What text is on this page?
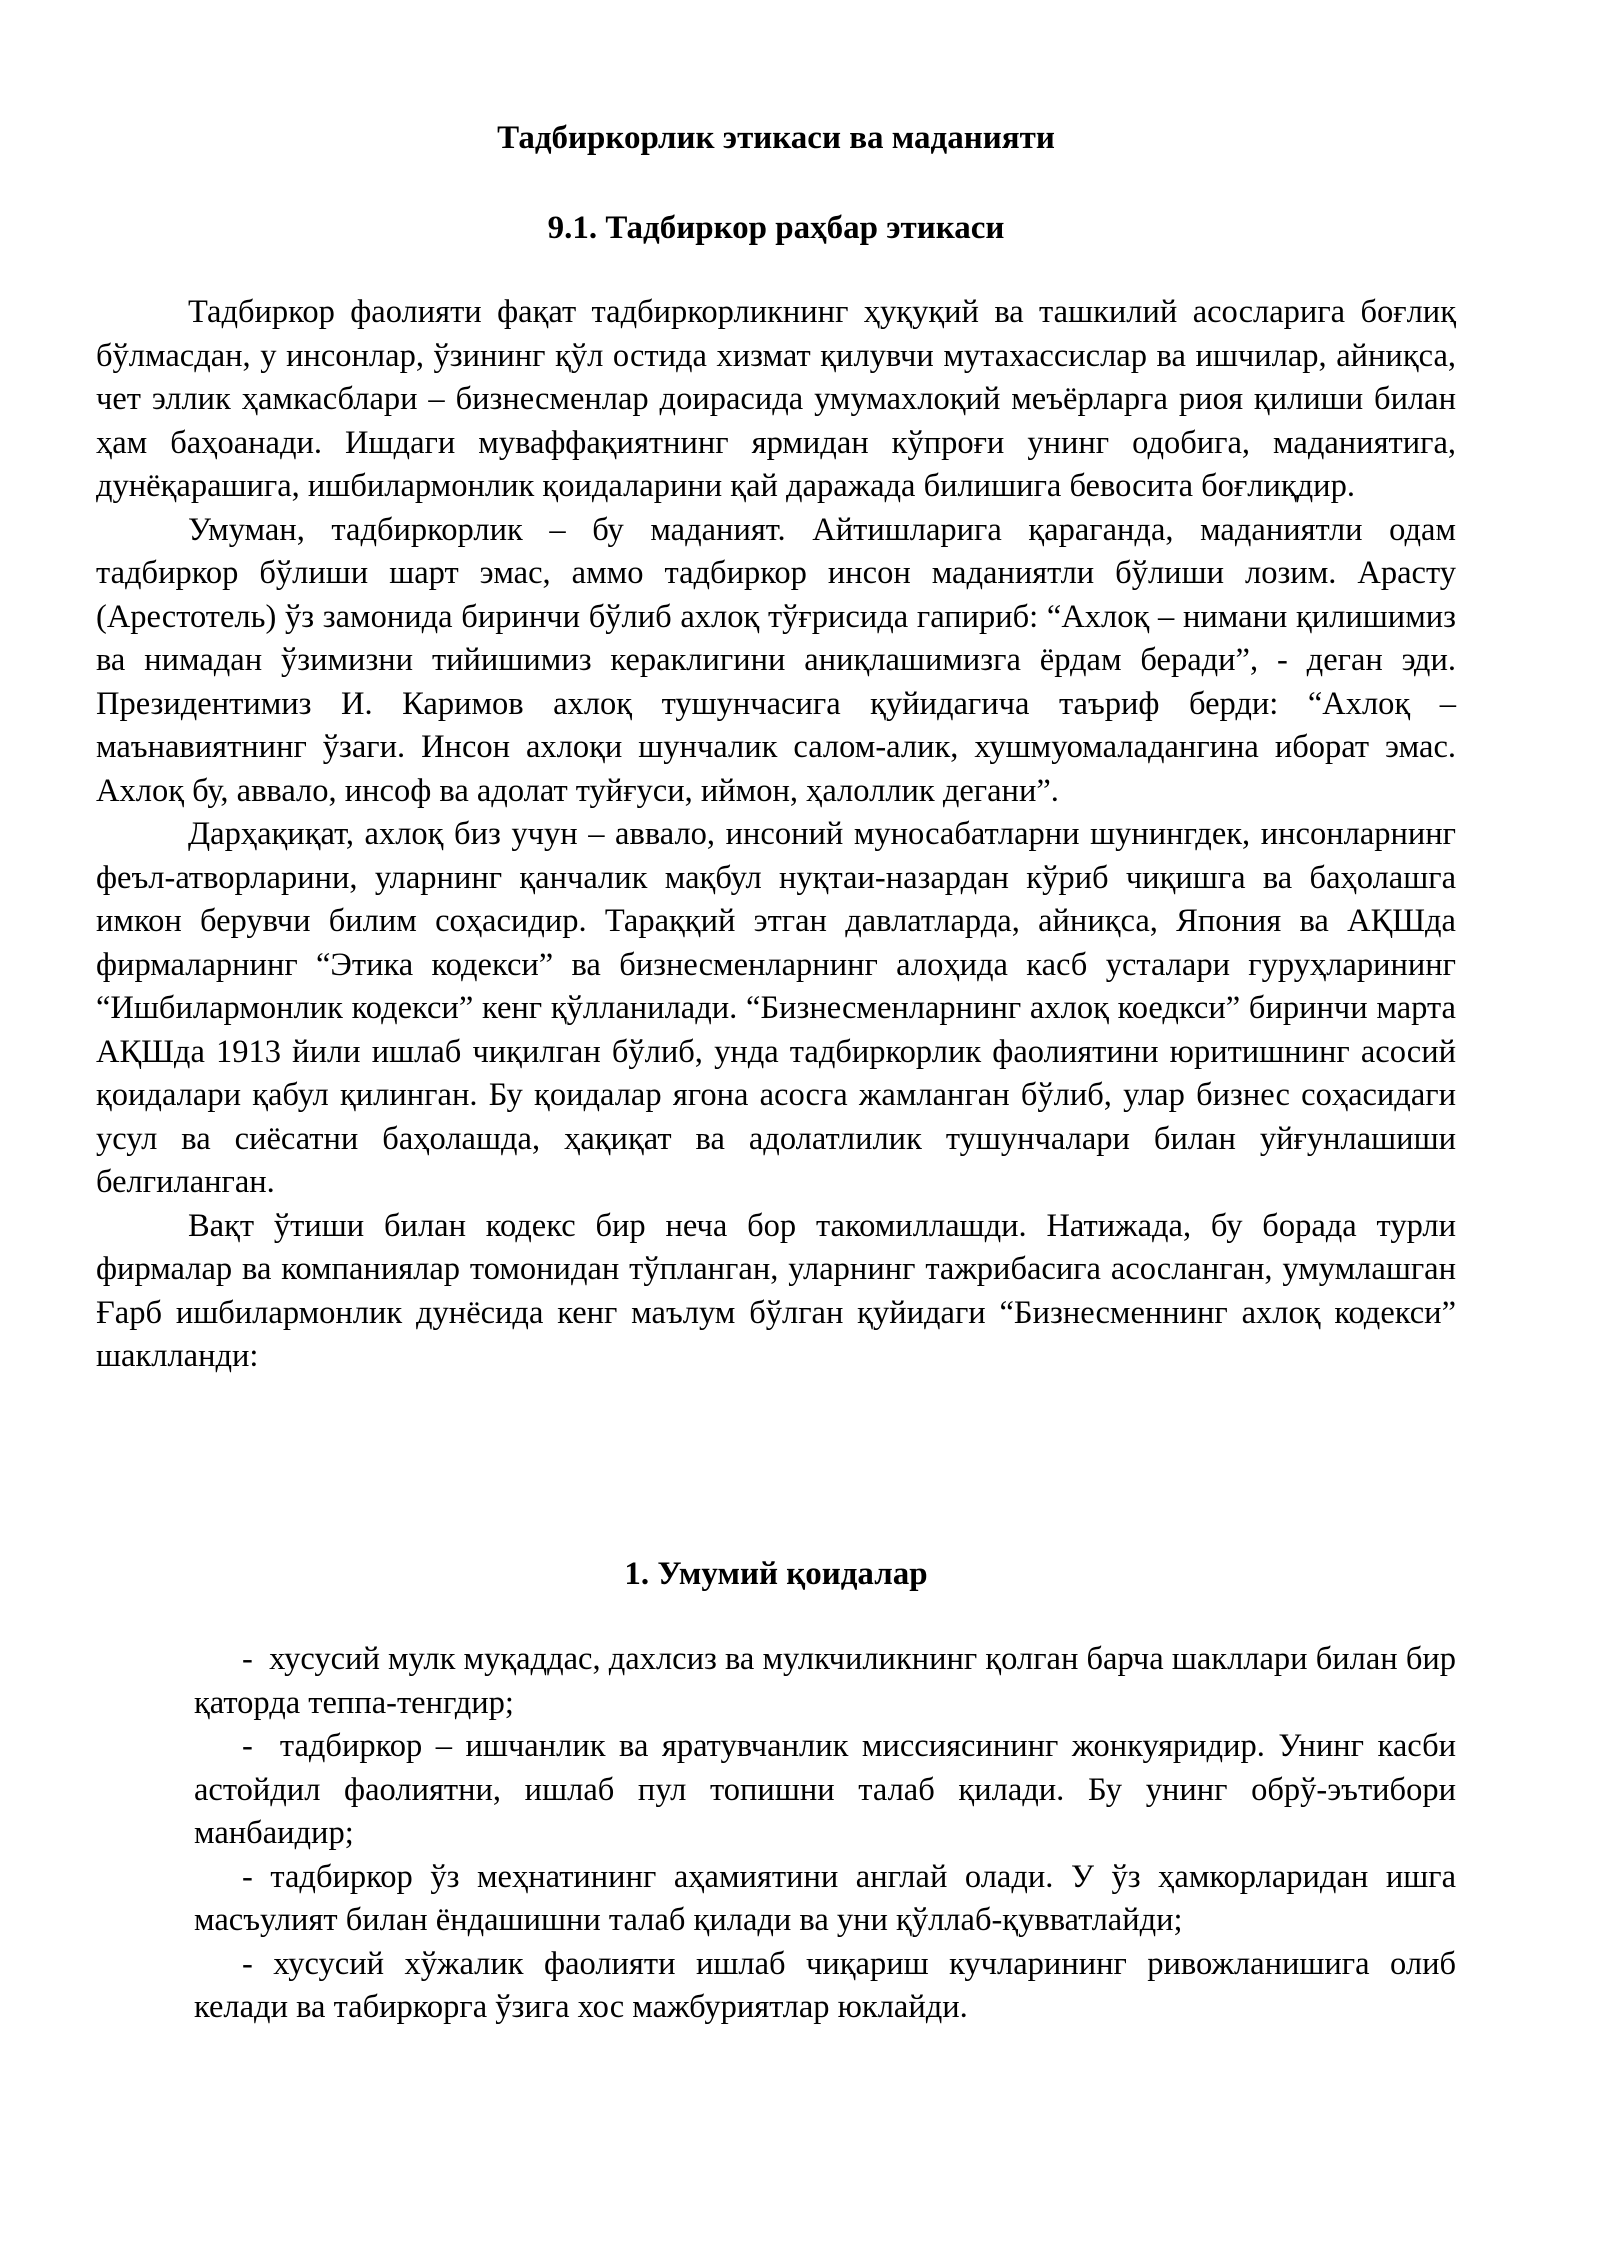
Тадбиркорлик этикаси ва маданияти
9.1. Тадбиркор раҳбар этикаси

Тадбиркор фаолияти фақат тадбиркорликнинг ҳуқуқий ва ташкилий асосларига боғлиқ бўлмасдан, у инсонлар, ўзининг қўл остида хизмат қилувчи мутахассислар ва ишчилар, айниқса, чет эллик ҳамкасблари – бизнесменлар доирасида умумахлоқий меъёрларга риоя қилиши билан ҳам баҳоанади. Ишдаги муваффақиятнинг ярмидан кўпроғи унинг одобига, маданиятига, дунёқарашига, ишбилармонлик қоидаларини қай даражада билишига бевосита боғлиқдир.

Умуман, тадбиркорлик – бу маданият. Айтишларига қараганда, маданиятли одам тадбиркор бўлиши шарт эмас, аммо тадбиркор инсон маданиятли бўлиши лозим. Арасту (Арестотель) ўз замонида биринчи бўлиб ахлоқ тўғрисида гапириб: “Ахлоқ – нимани қилишимиз ва нимадан ўзимизни тийишимиз кераклигини аниқлашимизга ёрдам беради”, - деган эди. Президентимиз И. Каримов ахлоқ тушунчасига қуйидагича таъриф берди: “Ахлоқ – маънавиятнинг ўзаги. Инсон ахлоқи шунчалик салом-алик, хушмуомаладангина иборат эмас. Ахлоқ бу, аввало, инсоф ва адолат туйғуси, иймон, ҳалоллик дегани”.

Дарҳақиқат, ахлоқ биз учун – аввало, инсоний муносабатларни шунингдек, инсонларнинг феъл-атворларини, уларнинг қанчалик мақбул нуқтаи-назардан кўриб чиқишга ва баҳолашга имкон берувчи билим соҳасидир. Тараққий этган давлатларда, айниқса, Япония ва АҚШда фирмаларнинг “Этика кодекси” ва бизнесменларнинг алоҳида касб усталари гуруҳларининг “Ишбилармонлик кодекси” кенг қўлланилади. “Бизнесменларнинг ахлоқ коедкси” биринчи марта АҚШда 1913 йили ишлаб чиқилган бўлиб, унда тадбиркорлик фаолиятини юритишнинг асосий қоидалари қабул қилинган. Бу қоидалар ягона асосга жамланган бўлиб, улар бизнес соҳасидаги усул ва сиёсатни баҳолашда, ҳақиқат ва адолатлилик тушунчалари билан уйғунлашиши белгиланган.

Вақт ўтиши билан кодекс бир неча бор такомиллашди. Натижада, бу борада турли фирмалар ва компаниялар томонидан тўпланган, уларнинг тажрибасига асосланган, умумлашган Ғарб ишбилармонлик дунёсида кенг маълум бўлган қуйидаги “Бизнесменнинг ахлоқ кодекси” шаклланди:

1. Умумий қоидалар
- хусусий мулк муқаддас, дахлсиз ва мулкчиликнинг қолган барча шакллари билан бир қаторда теппа-тенгдир;
- тадбиркор – ишчанлик ва яратувчанлик миссиясининг жонкуяридир. Унинг касби астойдил фаолиятни, ишлаб пул топишни талаб қилади. Бу унинг обрў-эътибори манбаидир;
- тадбиркор ўз меҳнатининг аҳамиятини англай олади. У ўз ҳамкорларидан ишга масъулият билан ёндашишни талаб қилади ва уни қўллаб-қувватлайди;
- хусусий хўжалик фаолияти ишлаб чиқариш кучларининг ривожланишига олиб келади ва табиркорга ўзига хос мажбуриятлар юклайди.
